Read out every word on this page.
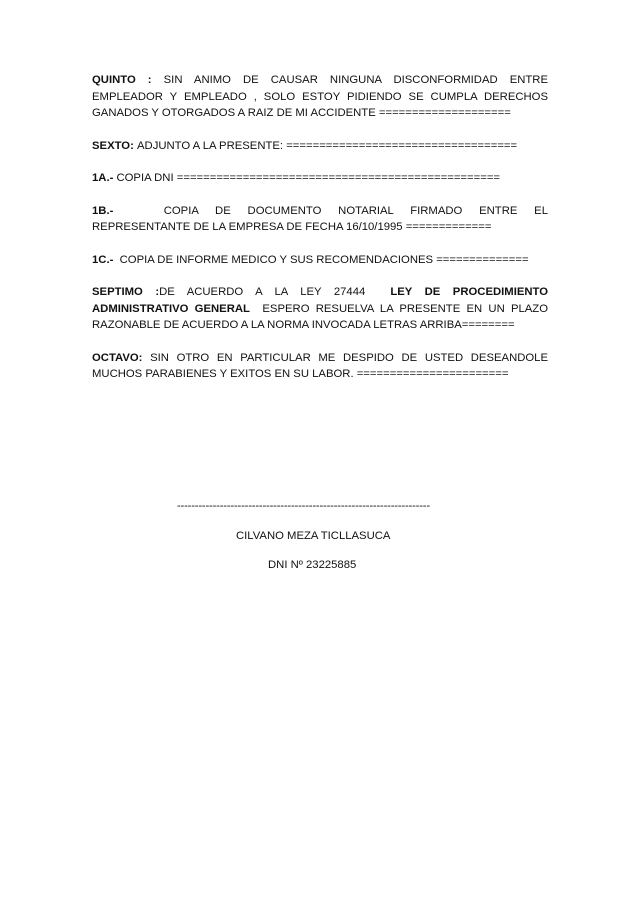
QUINTO : SIN ANIMO DE CAUSAR NINGUNA DISCONFORMIDAD ENTRE
EMPLEADOR Y EMPLEADO , SOLO ESTOY PIDIENDO SE CUMPLA DERECHOS
GANADOS Y OTORGADOS A RAIZ DE MI ACCIDENTE ====================
SEXTO: ADJUNTO A LA PRESENTE: ===================================
1A.- COPIA DNI =================================================
1B.-	COPIA DE DOCUMENTO NOTARIAL FIRMADO ENTRE EL
REPRESENTANTE DE LA EMPRESA DE FECHA 16/10/1995 =============
1C.- COPIA DE INFORME MEDICO Y SUS RECOMENDACIONES ==============
SEPTIMO :DE ACUERDO A LA LEY 27444 LEY DE PROCEDIMIENTO
ADMINISTRATIVO GENERAL ESPERO RESUELVA LA PRESENTE EN UN PLAZO
RAZONABLE DE ACUERDO A LA NORMA INVOCADA LETRAS ARRIBA========
OCTAVO: SIN OTRO EN PARTICULAR ME DESPIDO DE USTED DESEANDOLE
MUCHOS PARABIENES Y EXITOS EN SU LABOR. =======================
-----------------------------------------------------------------------
CILVANO MEZA TICLLASUCA
DNI Nº 23225885
